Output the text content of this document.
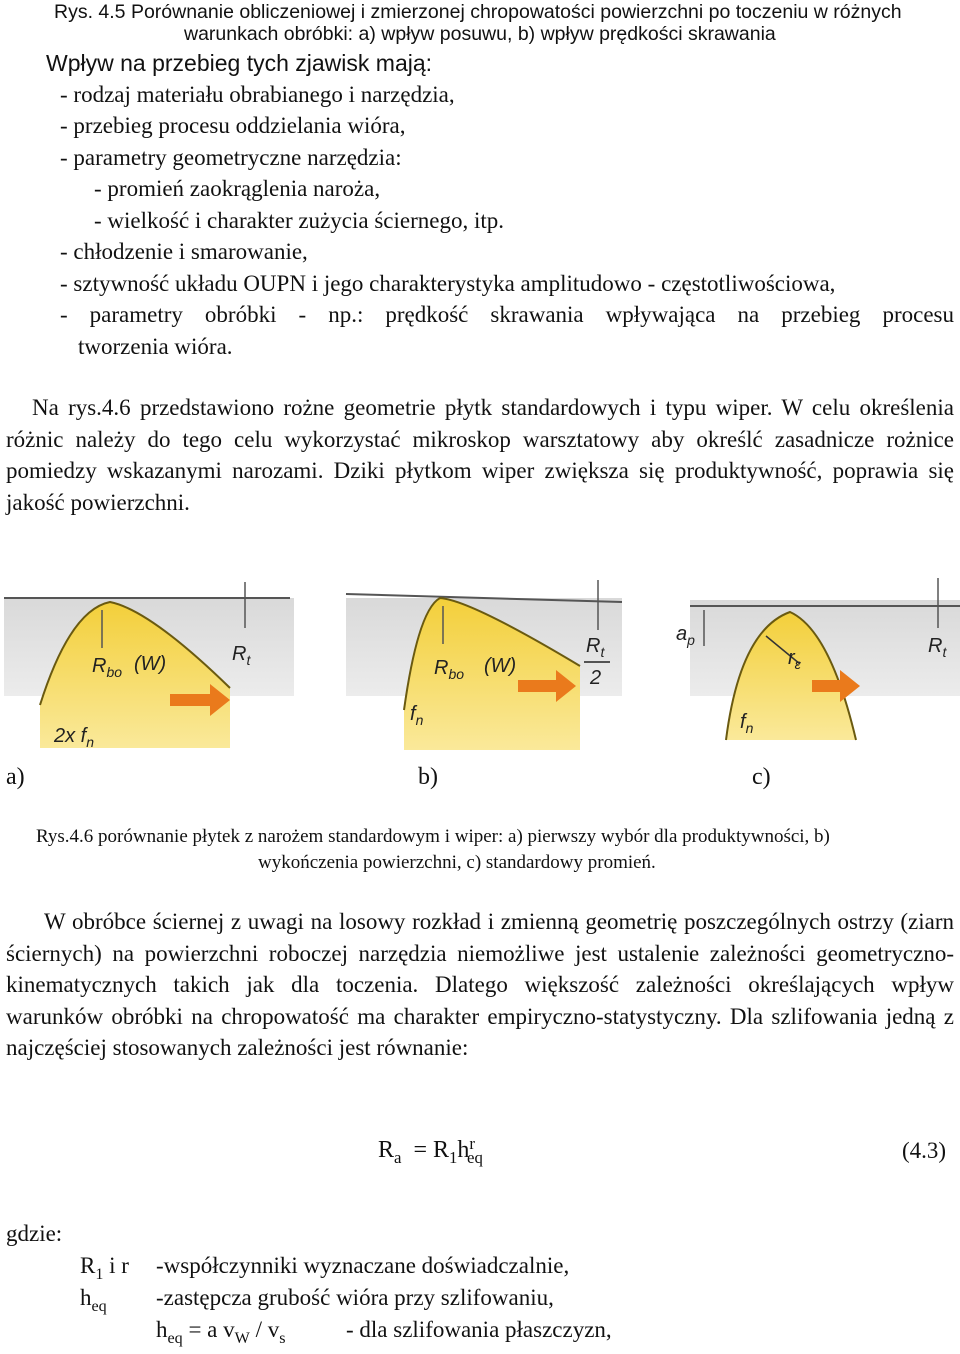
Rys. 4.5 Porównanie obliczeniowej i zmierzonej chropowatości powierzchni po toczeniu w różnych
warunkach obróbki: a) wpływ posuwu, b) wpływ prędkości skrawania
Wpływ na przebieg tych zjawisk mają:
- rodzaj materiału obrabianego i narzędzia,
- przebieg procesu oddzielania wióra,
- parametry geometryczne narzędzia:
- promień zaokrąglenia naroża,
- wielkość i charakter zużycia ściernego, itp.
- chłodzenie i smarowanie,
- sztywność układu OUPN i jego charakterystyka amplitudowo - częstotliwościowa,
- parametry obróbki - np.: prędkość skrawania wpływająca na przebieg procesu
tworzenia wióra.
Na rys.4.6 przedstawiono rożne geometrie płytk standardowych i typu wiper. W celu określenia różnic należy do tego celu wykorzystać mikroskop warsztatowy aby określć zasadnicze rożnice pomiedzy wskazanymi narozami. Dziki płytkom wiper zwiększa się produktywność, poprawia się jakość powierzchni.
$R_{bo}$ (W)	$R_t$
2x $f_n$
$R_{bo}$ (W)
$R_t$
2
$f_n$
$a_p$
$r_\varepsilon$
$R_t$
$f_n$
a)	b)	c)
Rys.4.6 porównanie płytek z narożem standardowym i wiper: a) pierwszy wybór dla produktywności, b)
wykończenia powierzchni, c) standardowy promień.
W obróbce ściernej z uwagi na losowy rozkład i zmienną geometrię poszczególnych ostrzy (ziarn ściernych) na powierzchni roboczej narzędzia niemożliwe jest ustalenie zależności geometryczno-kinematycznych takich jak dla toczenia. Dlatego większość zależności określających wpływ warunków obróbki na chropowatość ma charakter empiryczno-statystyczny. Dla szlifowania jedną z najczęściej stosowanych zależności jest równanie:
$R_a = R_1h^r_{eq}$	(4.3)
gdzie:
$R_1$ i r -współczynniki wyznaczane doświadczalnie,
$h_{eq}$ -zastępcza grubość wióra przy szlifowaniu,
$h_{eq} = a$ $v_W / v_s$	- dla szlifowania płaszczyzn,
